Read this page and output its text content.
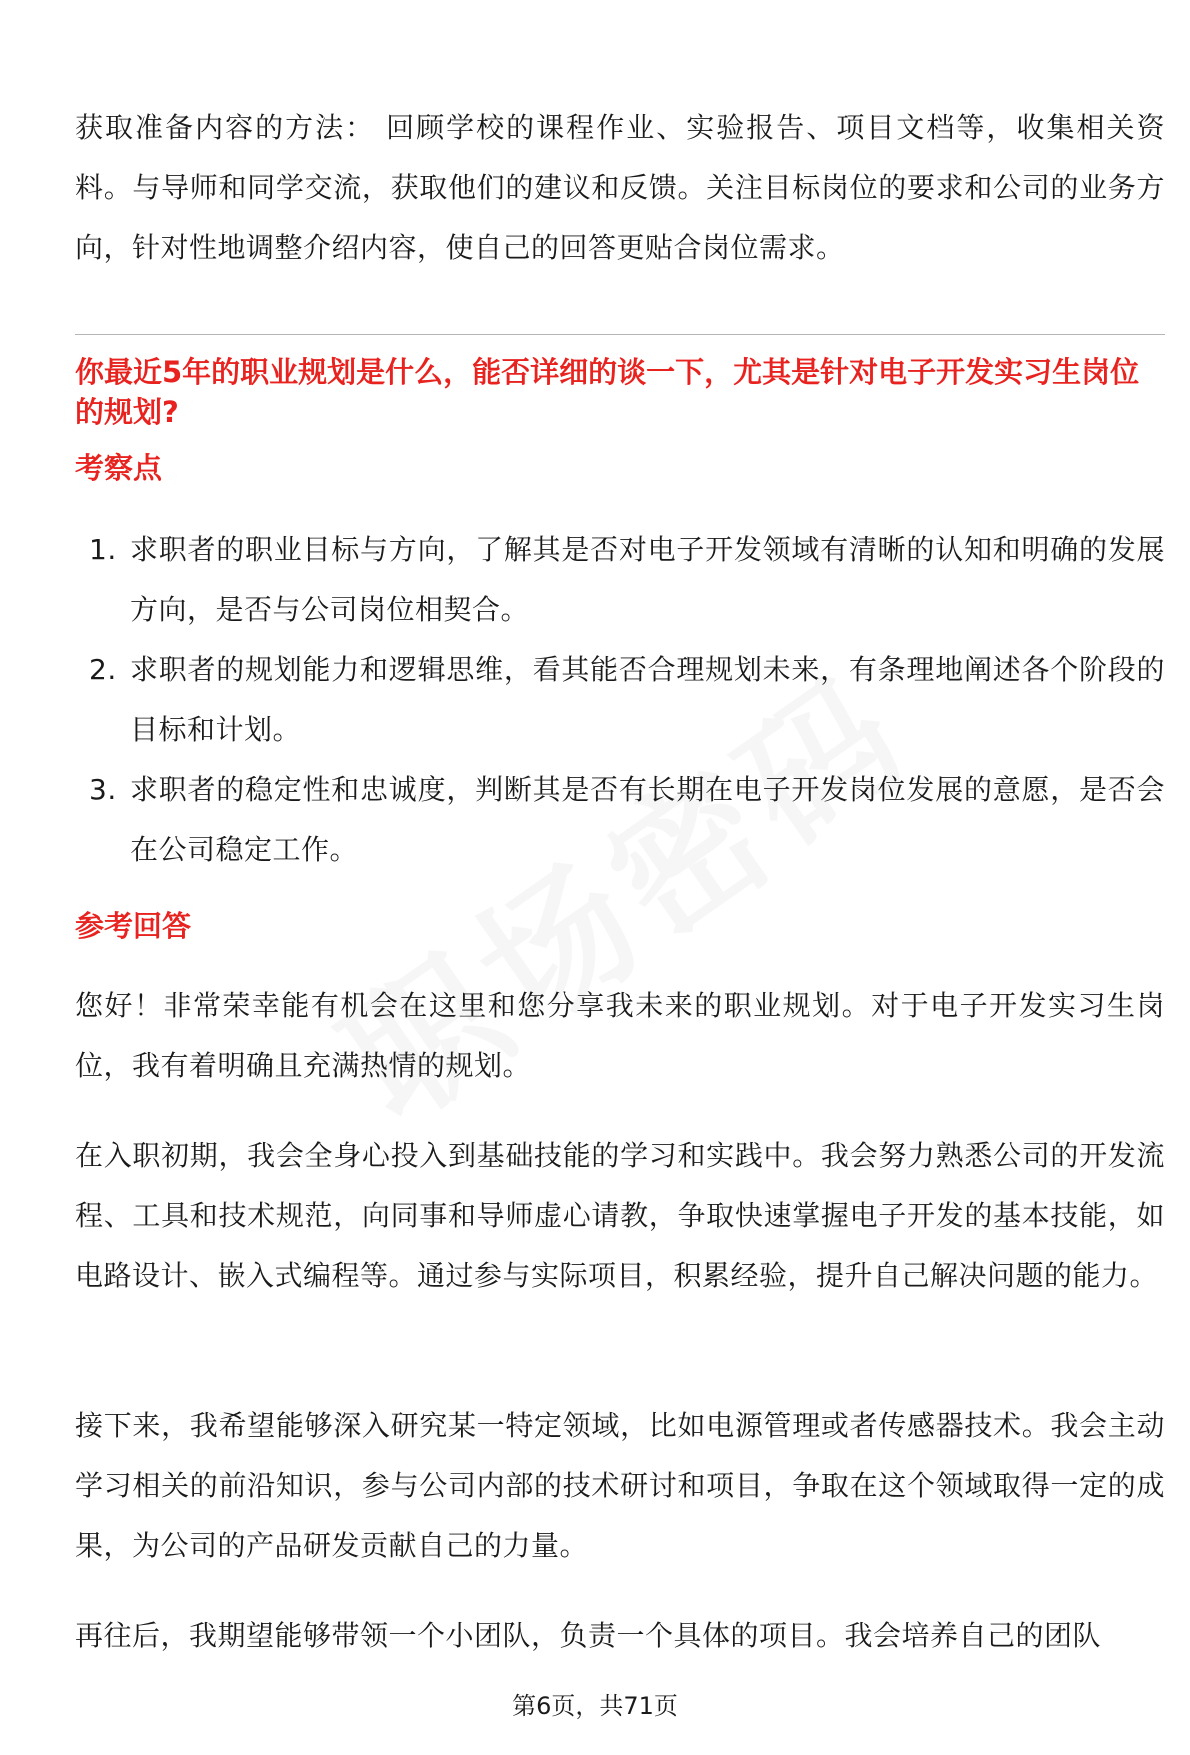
获取准备内容的方法： 回顾学校的课程作业、实验报告、项目文档等，收集相关资料。与导师和同学交流，获取他们的建议和反馈。关注目标岗位的要求和公司的业务方向，针对性地调整介绍内容，使自己的回答更贴合岗位需求。

你最近5年的职业规划是什么，能否详细的谈一下，尤其是针对电子开发实习生岗位的规划?
考察点
1. 求职者的职业目标与方向，了解其是否对电子开发领域有清晰的认知和明确的发展方向，是否与公司岗位相契合。
2. 求职者的规划能力和逻辑思维，看其能否合理规划未来，有条理地阐述各个阶段的目标和计划。
3. 求职者的稳定性和忠诚度，判断其是否有长期在电子开发岗位发展的意愿，是否会在公司稳定工作。
参考回答

您好！非常荣幸能有机会在这里和您分享我未来的职业规划。对于电子开发实习生岗位，我有着明确且充满热情的规划。

在入职初期，我会全身心投入到基础技能的学习和实践中。我会努力熟悉公司的开发流程、工具和技术规范，向同事和导师虚心请教，争取快速掌握电子开发的基本技能，如电路设计、嵌入式编程等。通过参与实际项目，积累经验，提升自己解决问题的能力。

接下来，我希望能够深入研究某一特定领域，比如电源管理或者传感器技术。我会主动学习相关的前沿知识，参与公司内部的技术研讨和项目，争取在这个领域取得一定的成果，为公司的产品研发贡献自己的力量。

再往后，我期望能够带领一个小团队，负责一个具体的项目。我会培养自己的团队

第6页，共71页
